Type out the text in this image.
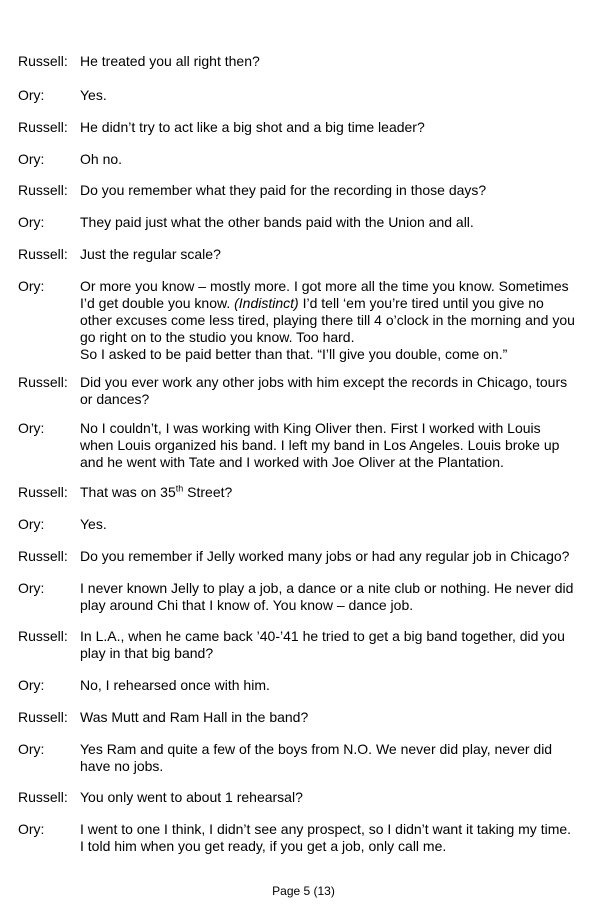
Russell: He treated you all right then?
Ory:	Yes.
Russell: He didn’t try to act like a big shot and a big time leader?
Ory:	Oh no.
Russell: Do you remember what they paid for the recording in those days?
Ory:	They paid just what the other bands paid with the Union and all.
Russell: Just the regular scale?
Ory:	Or more you know – mostly more. I got more all the time you know. Sometimes
I’d get double you know. (Indistinct) I’d tell ‘em you’re tired until you give no
other excuses come less tired, playing there till 4 o’clock in the morning and you
go right on to the studio you know. Too hard.
So I asked to be paid better than that. “I’ll give you double, come on.”
Russell: Did you ever work any other jobs with him except the records in Chicago, tours
or dances?
Ory:	No I couldn’t, I was working with King Oliver then. First I worked with Louis
when Louis organized his band. I left my band in Los Angeles. Louis broke up
and he went with Tate and I worked with Joe Oliver at the Plantation.
Russell: That was on 35th Street?
Ory:	Yes.
Russell: Do you remember if Jelly worked many jobs or had any regular job in Chicago?
Ory:	I never known Jelly to play a job, a dance or a nite club or nothing. He never did
play around Chi that I know of. You know – dance job.
Russell: In L.A., when he came back ’40-’41 he tried to get a big band together, did you
play in that big band?
Ory:	No, I rehearsed once with him.
Russell: Was Mutt and Ram Hall in the band?
Ory:	Yes Ram and quite a few of the boys from N.O. We never did play, never did
have no jobs.
Russell: You only went to about 1 rehearsal?
Ory:	I went to one I think, I didn’t see any prospect, so I didn’t want it taking my time.
I told him when you get ready, if you get a job, only call me.
Page 5 (13)
